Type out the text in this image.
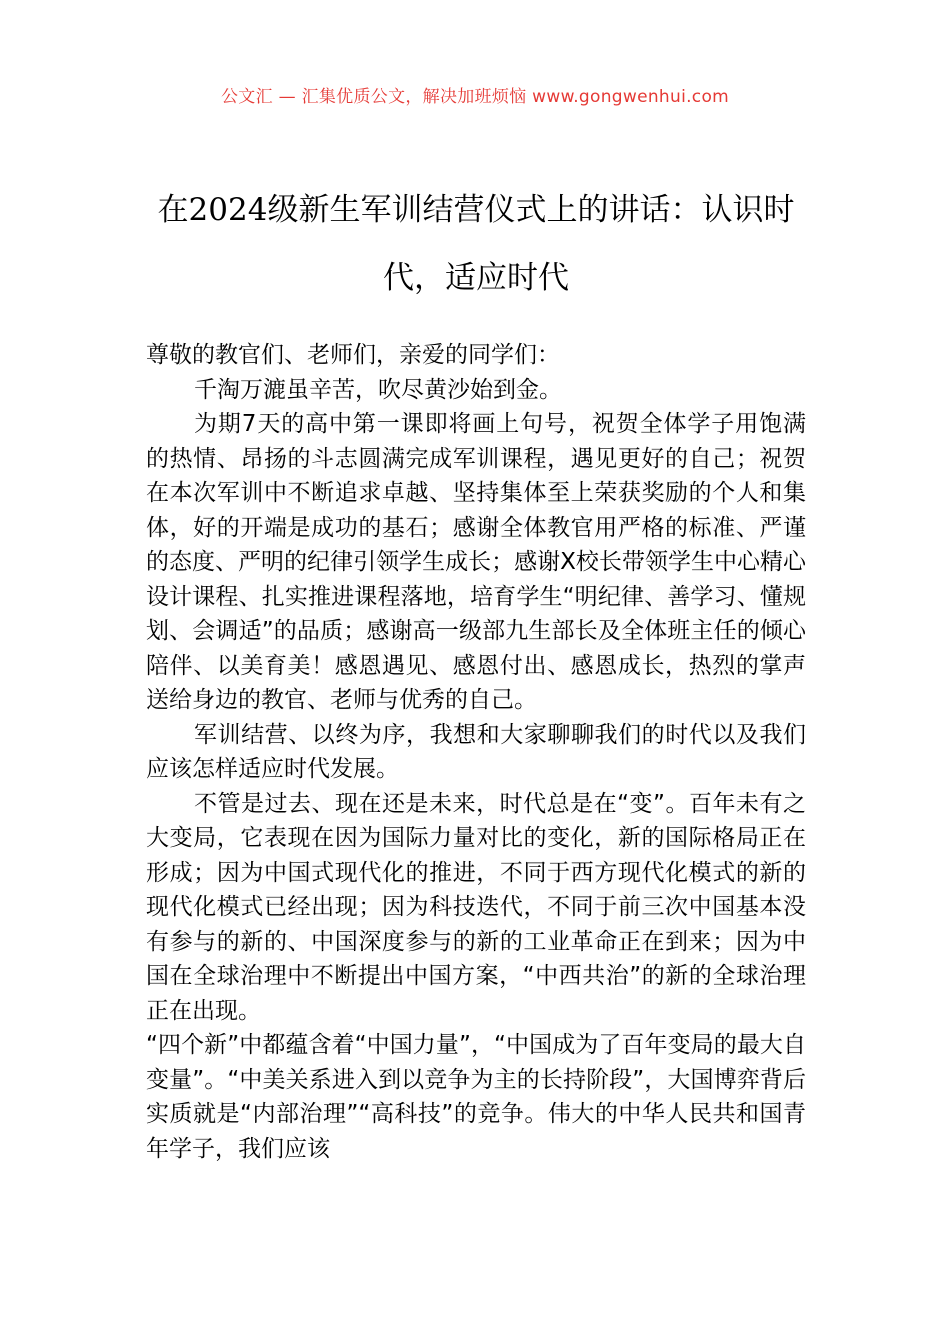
公文汇 — 汇集优质公文，解决加班烦恼 www.gongwenhui.com
在2024级新生军训结营仪式上的讲话：认识时代，适应时代

尊敬的教官们、老师们，亲爱的同学们：

千淘万漉虽辛苦，吹尽黄沙始到金。

为期7天的高中第一课即将画上句号，祝贺全体学子用饱满的热情、昂扬的斗志圆满完成军训课程，遇见更好的自己；祝贺在本次军训中不断追求卓越、坚持集体至上荣获奖励的个人和集体，好的开端是成功的基石；感谢全体教官用严格的标准、严谨的态度、严明的纪律引领学生成长；感谢X校长带领学生中心精心设计课程、扎实推进课程落地，培育学生“明纪律、善学习、懂规划、会调适”的品质；感谢高一级部九生部长及全体班主任的倾心陪伴、以美育美！感恩遇见、感恩付出、感恩成长，热烈的掌声送给身边的教官、老师与优秀的自己。

军训结营、以终为序，我想和大家聊聊我们的时代以及我们应该怎样适应时代发展。

不管是过去、现在还是未来，时代总是在“变”。百年未有之大变局，它表现在因为国际力量对比的变化，新的国际格局正在形成；因为中国式现代化的推进，不同于西方现代化模式的新的现代化模式已经出现；因为科技迭代，不同于前三次中国基本没有参与的新的、中国深度参与的新的工业革命正在到来；因为中国在全球治理中不断提出中国方案，“中西共治”的新的全球治理正在出现。

“四个新”中都蕴含着“中国力量”，“中国成为了百年变局的最大自变量”。“中美关系进入到以竞争为主的长持阶段”，大国博弈背后实质就是“内部治理”“高科技”的竞争。伟大的中华人民共和国青年学子，我们应该
